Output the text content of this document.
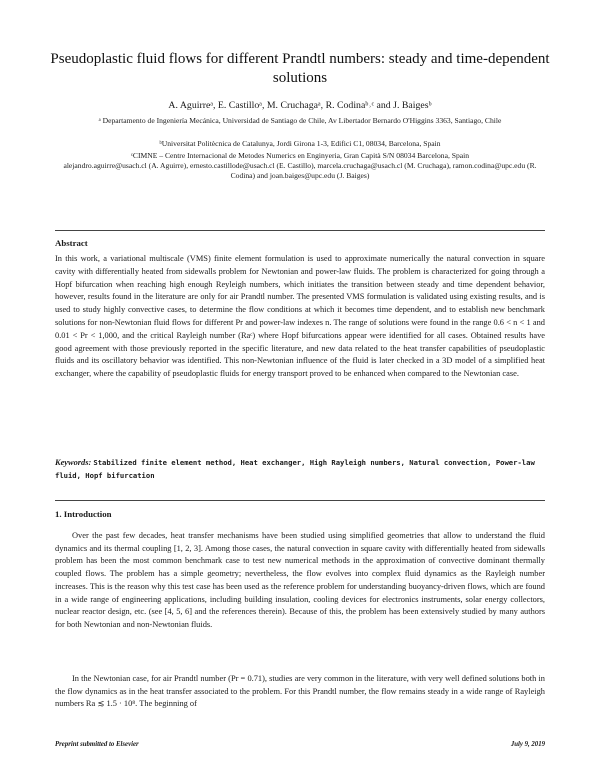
Pseudoplastic fluid flows for different Prandtl numbers: steady and time-dependent solutions
A. Aguirreᵃ, E. Castilloᵃ, M. Cruchagaᵃ, R. Codinaᵇ˒ᶜ and J. Baigesᵇ
ᵃ Departamento de Ingeniería Mecánica, Universidad de Santiago de Chile, Av Libertador Bernardo O'Higgins 3363, Santiago, Chile
ᵇUniversitat Politècnica de Catalunya, Jordi Girona 1-3, Edifici C1, 08034, Barcelona, Spain
ᶜCIMNE – Centre Internacional de Metodes Numerics en Enginyeria, Gran Capità S/N 08034 Barcelona, Spain
alejandro.aguirre@usach.cl (A. Aguirre), ernesto.castillode@usach.cl (E. Castillo), marcela.cruchaga@usach.cl (M. Cruchaga), ramon.codina@upc.edu (R. Codina) and joan.baiges@upc.edu (J. Baiges)
Abstract

In this work, a variational multiscale (VMS) finite element formulation is used to approximate numerically the natural convection in square cavity with differentially heated from sidewalls problem for Newtonian and power-law fluids. The problem is characterized for going through a Hopf bifurcation when reaching high enough Reyleigh numbers, which initiates the transition between steady and time dependent behavior, however, results found in the literature are only for air Prandtl number. The presented VMS formulation is validated using existing results, and is used to study highly convective cases, to determine the flow conditions at which it becomes time dependent, and to establish new benchmark solutions for non-Newtonian fluid flows for different Pr and power-law indexes n. The range of solutions were found in the range 0.6 < n < 1 and 0.01 < Pr < 1,000, and the critical Rayleigh number (Raᶜ) where Hopf bifurcations appear were identified for all cases. Obtained results have good agreement with those previously reported in the specific literature, and new data related to the heat transfer capabilities of pseudoplastic fluids and its oscillatory behavior was identified. This non-Newtonian influence of the fluid is later checked in a 3D model of a simplified heat exchanger, where the capability of pseudoplastic fluids for energy transport proved to be enhanced when compared to the Newtonian case.

Keywords: Stabilized finite element method, Heat exchanger, High Rayleigh numbers, Natural convection, Power-law fluid, Hopf bifurcation

1. Introduction

Over the past few decades, heat transfer mechanisms have been studied using simplified geometries that allow to understand the fluid dynamics and its thermal coupling [1, 2, 3]. Among those cases, the natural convection in square cavity with differentially heated from sidewalls problem has been the most common benchmark case to test new numerical methods in the approximation of convective dominant thermally coupled flows. The problem has a simple geometry; nevertheless, the flow evolves into complex fluid dynamics as the Rayleigh number increases. This is the reason why this test case has been used as the reference problem for understanding buoyancy-driven flows, which are found in a wide range of engineering applications, including building insulation, cooling devices for electronics instruments, solar energy collectors, nuclear reactor design, etc. (see [4, 5, 6] and the references therein). Because of this, the problem has been extensively studied by many authors for both Newtonian and non-Newtonian fluids.

In the Newtonian case, for air Prandtl number (Pr = 0.71), studies are very common in the literature, with very well defined solutions both in the flow dynamics as in the heat transfer associated to the problem. For this Prandtl number, the flow remains steady in a wide range of Rayleigh numbers Ra ≲ 1.5 · 10⁸. The beginning of

Preprint submitted to Elsevier	July 9, 2019
